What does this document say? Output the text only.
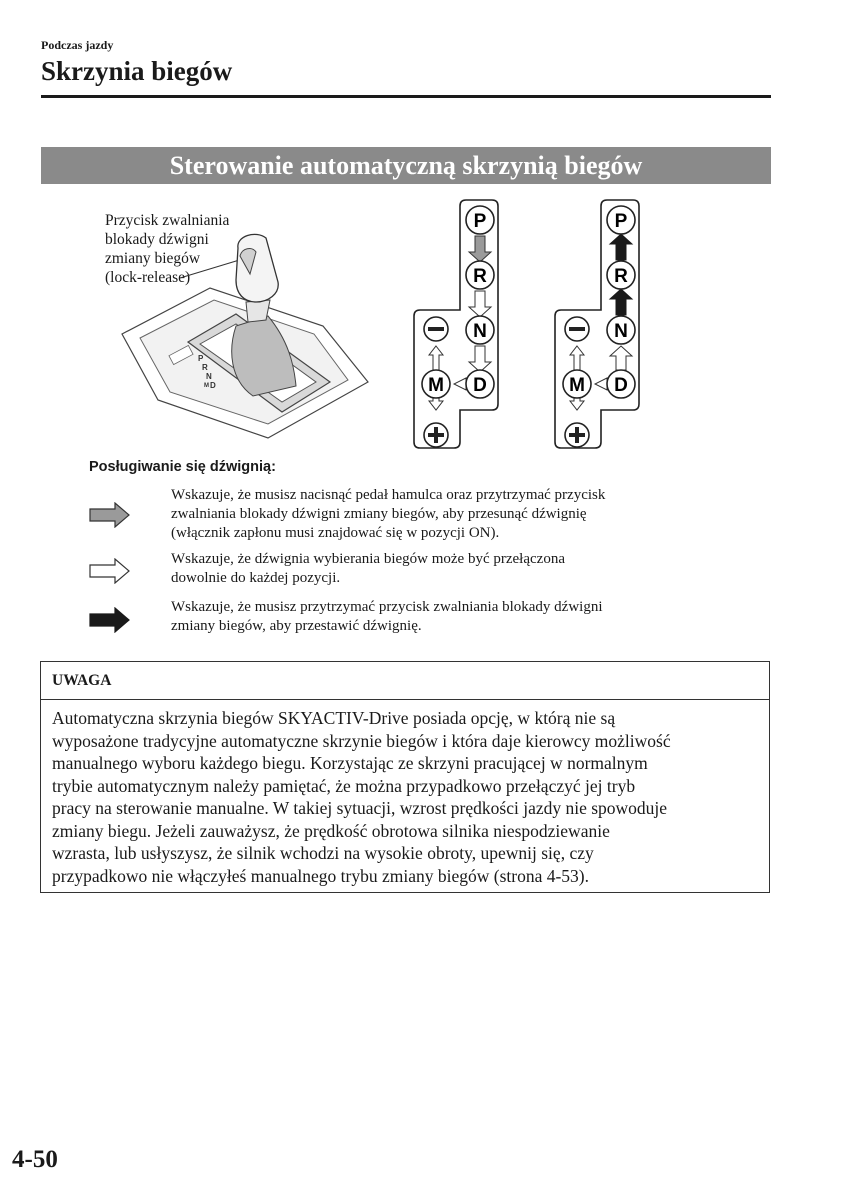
Podczas jazdy
Skrzynia biegów
Sterowanie automatyczną skrzynią biegów
Przycisk zwalniania
blokady dźwigni
zmiany biegów
(lock-release)
P
R
N
D
M
P
R
N
D
M
P
R
N
D
M
Posługiwanie się dźwignią:
Wskazuje, że musisz nacisnąć pedał hamulca oraz przytrzymać przycisk
zwalniania blokady dźwigni zmiany biegów, aby przesunąć dźwignię
(włącznik zapłonu musi znajdować się w pozycji ON).
Wskazuje, że dźwignia wybierania biegów może być przełączona
dowolnie do każdej pozycji.
Wskazuje, że musisz przytrzymać przycisk zwalniania blokady dźwigni
zmiany biegów, aby przestawić dźwignię.
UWAGA
Automatyczna skrzynia biegów SKYACTIV-Drive posiada opcję, w którą nie są
wyposażone tradycyjne automatyczne skrzynie biegów i która daje kierowcy możliwość
manualnego wyboru każdego biegu. Korzystając ze skrzyni pracującej w normalnym
trybie automatycznym należy pamiętać, że można przypadkowo przełączyć jej tryb
pracy na sterowanie manualne. W takiej sytuacji, wzrost prędkości jazdy nie spowoduje
zmiany biegu. Jeżeli zauważysz, że prędkość obrotowa silnika niespodziewanie
wzrasta, lub usłyszysz, że silnik wchodzi na wysokie obroty, upewnij się, czy
przypadkowo nie włączyłeś manualnego trybu zmiany biegów (strona 4-53).
4-50
